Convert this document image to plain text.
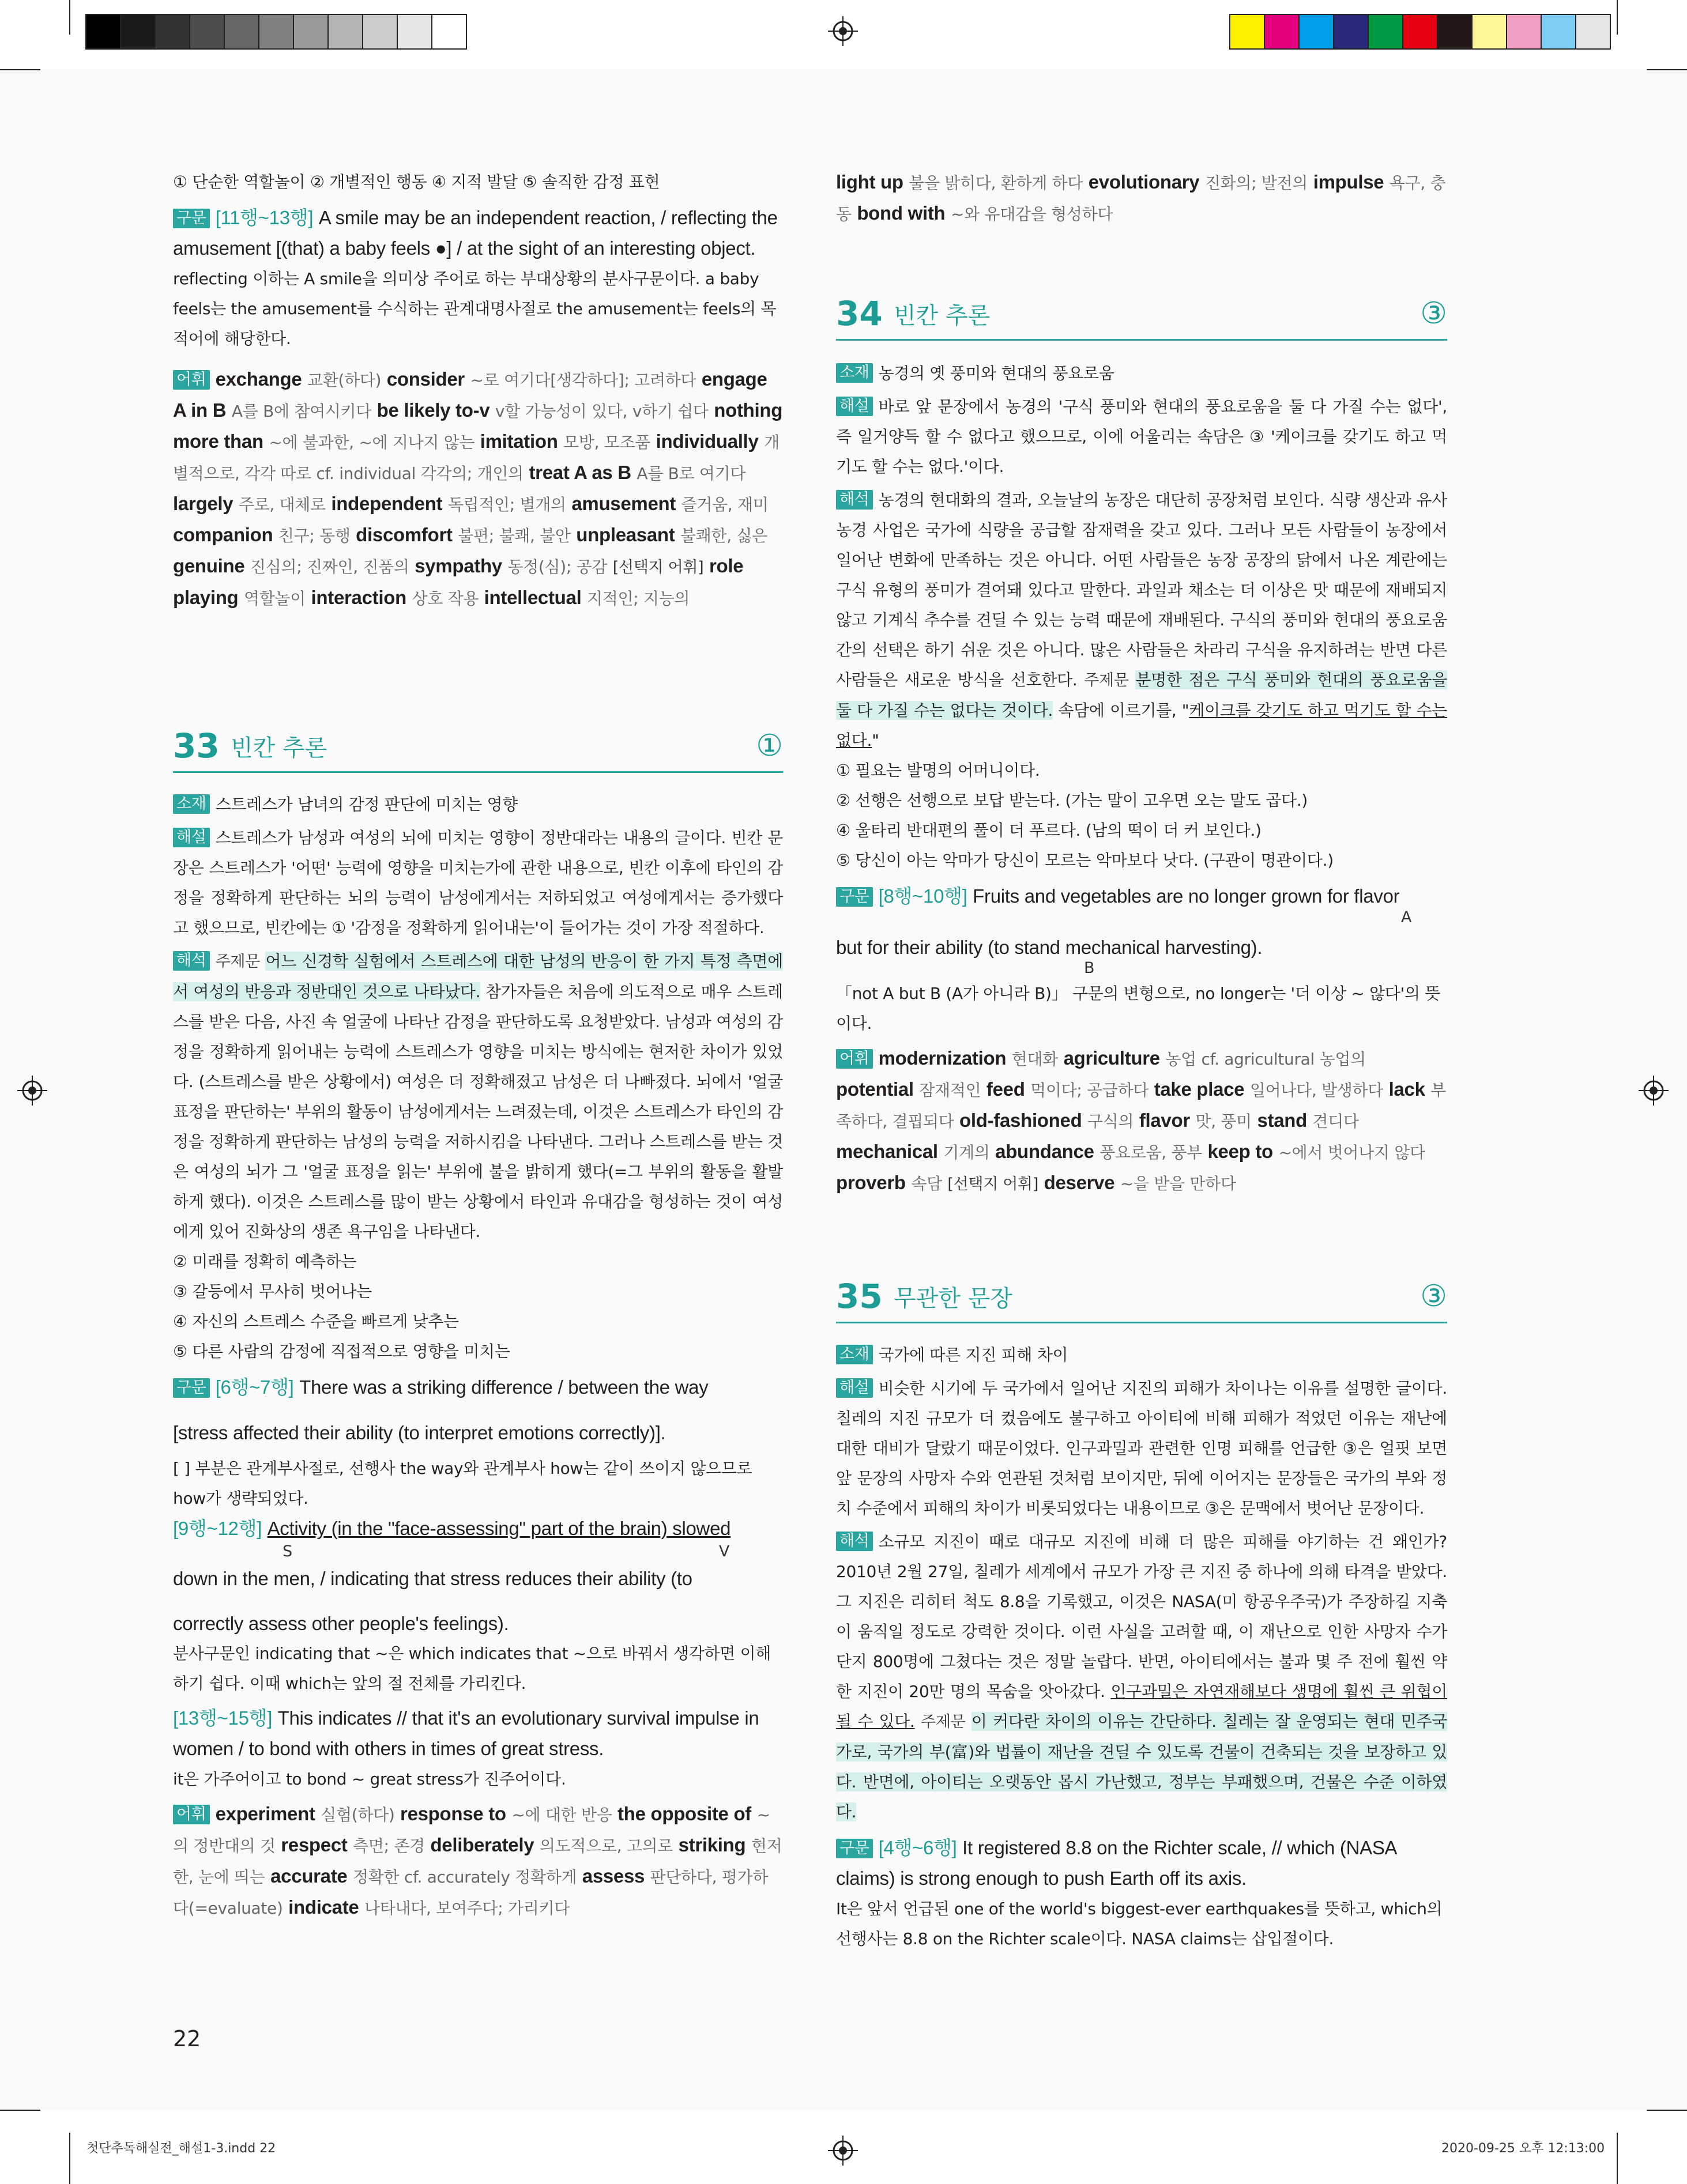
① 단순한 역할놀이 ② 개별적인 행동 ④ 지적 발달 ⑤ 솔직한 감정 표현

구문 [11행~13행] A smile may be an independent reaction, / reflecting the amusement [(that) a baby feels ●] / at the sight of an interesting object.

reflecting 이하는 A smile을 의미상 주어로 하는 부대상황의 분사구문이다. a baby feels는 the amusement를 수식하는 관계대명사절로 the amusement는 feels의 목적어에 해당한다.

어휘 exchange 교환(하다) consider ~로 여기다[생각하다]; 고려하다 engage A in B A를 B에 참여시키다 be likely to-v v할 가능성이 있다, v하기 쉽다 nothing more than ~에 불과한, ~에 지나지 않는 imitation 모방, 모조품 individually 개별적으로, 각각 따로 cf. individual 각각의; 개인의 treat A as B A를 B로 여기다 largely 주로, 대체로 independent 독립적인; 별개의 amusement 즐거움, 재미 companion 친구; 동행 discomfort 불편; 불쾌, 불안 unpleasant 불쾌한, 싫은 genuine 진심의; 진짜인, 진품의 sympathy 동정(심); 공감 [선택지 어휘] role playing 역할놀이 interaction 상호 작용 intellectual 지적인; 지능의

33 빈칸 추론	①

소재 스트레스가 남녀의 감정 판단에 미치는 영향

해설 스트레스가 남성과 여성의 뇌에 미치는 영향이 정반대라는 내용의 글이다. 빈칸 문장은 스트레스가 '어떤' 능력에 영향을 미치는가에 관한 내용으로, 빈칸 이후에 타인의 감정을 정확하게 판단하는 뇌의 능력이 남성에게서는 저하되었고 여성에게서는 증가했다고 했으므로, 빈칸에는 ① '감정을 정확하게 읽어내는'이 들어가는 것이 가장 적절하다.

해석 주제문 어느 신경학 실험에서 스트레스에 대한 남성의 반응이 한 가지 특정 측면에서 여성의 반응과 정반대인 것으로 나타났다. 참가자들은 처음에 의도적으로 매우 스트레스를 받은 다음, 사진 속 얼굴에 나타난 감정을 판단하도록 요청받았다. 남성과 여성의 감정을 정확하게 읽어내는 능력에 스트레스가 영향을 미치는 방식에는 현저한 차이가 있었다. (스트레스를 받은 상황에서) 여성은 더 정확해졌고 남성은 더 나빠졌다. 뇌에서 '얼굴표정을 판단하는' 부위의 활동이 남성에게서는 느려졌는데, 이것은 스트레스가 타인의 감정을 정확하게 판단하는 남성의 능력을 저하시킴을 나타낸다. 그러나 스트레스를 받는 것은 여성의 뇌가 그 '얼굴 표정을 읽는' 부위에 불을 밝히게 했다(=그 부위의 활동을 활발하게 했다). 이것은 스트레스를 많이 받는 상황에서 타인과 유대감을 형성하는 것이 여성에게 있어 진화상의 생존 욕구임을 나타낸다.

② 미래를 정확히 예측하는

③ 갈등에서 무사히 벗어나는

④ 자신의 스트레스 수준을 빠르게 낮추는

⑤ 다른 사람의 감정에 직접적으로 영향을 미치는

구문 [6행~7행] There was a striking difference / between the way

[stress affected their ability (to interpret emotions correctly)].

[ ] 부분은 관계부사절로, 선행사 the way와 관계부사 how는 같이 쓰이지 않으므로 how가 생략되었다.

[9행~12행] Activity (in the "face-assessing" part of the brain) slowed

S	V

down in the men, / indicating that stress reduces their ability (to

correctly assess other people's feelings).

분사구문인 indicating that ~은 which indicates that ~으로 바꿔서 생각하면 이해하기 쉽다. 이때 which는 앞의 절 전체를 가리킨다.

[13행~15행] This indicates // that it's an evolutionary survival impulse in women / to bond with others in times of great stress.

it은 가주어이고 to bond ~ great stress가 진주어이다.

어휘 experiment 실험(하다) response to ~에 대한 반응 the opposite of ~의 정반대의 것 respect 측면; 존경 deliberately 의도적으로, 고의로 striking 현저한, 눈에 띄는 accurate 정확한 cf. accurately 정확하게 assess 판단하다, 평가하다(=evaluate) indicate 나타내다, 보여주다; 가리키다

light up 불을 밝히다, 환하게 하다 evolutionary 진화의; 발전의 impulse 욕구, 충동 bond with ~와 유대감을 형성하다

34 빈칸 추론	③

소재 농경의 옛 풍미와 현대의 풍요로움

해설 바로 앞 문장에서 농경의 '구식 풍미와 현대의 풍요로움을 둘 다 가질 수는 없다', 즉 일거양득 할 수 없다고 했으므로, 이에 어울리는 속담은 ③ '케이크를 갖기도 하고 먹기도 할 수는 없다.'이다.

해석 농경의 현대화의 결과, 오늘날의 농장은 대단히 공장처럼 보인다. 식량 생산과 유사 농경 사업은 국가에 식량을 공급할 잠재력을 갖고 있다. 그러나 모든 사람들이 농장에서 일어난 변화에 만족하는 것은 아니다. 어떤 사람들은 농장 공장의 닭에서 나온 계란에는 구식 유형의 풍미가 결여돼 있다고 말한다. 과일과 채소는 더 이상은 맛 때문에 재배되지 않고 기계식 추수를 견딜 수 있는 능력 때문에 재배된다. 구식의 풍미와 현대의 풍요로움 간의 선택은 하기 쉬운 것은 아니다. 많은 사람들은 차라리 구식을 유지하려는 반면 다른 사람들은 새로운 방식을 선호한다. 주제문 분명한 점은 구식 풍미와 현대의 풍요로움을 둘 다 가질 수는 없다는 것이다. 속담에 이르기를, "케이크를 갖기도 하고 먹기도 할 수는 없다."

① 필요는 발명의 어머니이다.

② 선행은 선행으로 보답 받는다. (가는 말이 고우면 오는 말도 곱다.)

④ 울타리 반대편의 풀이 더 푸르다. (남의 떡이 더 커 보인다.)

⑤ 당신이 아는 악마가 당신이 모르는 악마보다 낫다. (구관이 명관이다.)

구문 [8행~10행] Fruits and vegetables are no longer grown for flavor

A

but for their ability (to stand mechanical harvesting).

B

「not A but B (A가 아니라 B)」 구문의 변형으로, no longer는 '더 이상 ~ 않다'의 뜻이다.

어휘 modernization 현대화 agriculture 농업 cf. agricultural 농업의 potential 잠재적인 feed 먹이다; 공급하다 take place 일어나다, 발생하다 lack 부족하다, 결핍되다 old-fashioned 구식의 flavor 맛, 풍미 stand 견디다 mechanical 기계의 abundance 풍요로움, 풍부 keep to ~에서 벗어나지 않다 proverb 속담 [선택지 어휘] deserve ~을 받을 만하다

35 무관한 문장	③

소재 국가에 따른 지진 피해 차이

해설 비슷한 시기에 두 국가에서 일어난 지진의 피해가 차이나는 이유를 설명한 글이다. 칠레의 지진 규모가 더 컸음에도 불구하고 아이티에 비해 피해가 적었던 이유는 재난에 대한 대비가 달랐기 때문이었다. 인구과밀과 관련한 인명 피해를 언급한 ③은 얼핏 보면 앞 문장의 사망자 수와 연관된 것처럼 보이지만, 뒤에 이어지는 문장들은 국가의 부와 정치 수준에서 피해의 차이가 비롯되었다는 내용이므로 ③은 문맥에서 벗어난 문장이다.

해석 소규모 지진이 때로 대규모 지진에 비해 더 많은 피해를 야기하는 건 왜인가? 2010년 2월 27일, 칠레가 세계에서 규모가 가장 큰 지진 중 하나에 의해 타격을 받았다. 그 지진은 리히터 척도 8.8을 기록했고, 이것은 NASA(미 항공우주국)가 주장하길 지축이 움직일 정도로 강력한 것이다. 이런 사실을 고려할 때, 이 재난으로 인한 사망자 수가 단지 800명에 그쳤다는 것은 정말 놀랍다. 반면, 아이티에서는 불과 몇 주 전에 훨씬 약한 지진이 20만 명의 목숨을 앗아갔다. 인구과밀은 자연재해보다 생명에 훨씬 큰 위협이 될 수 있다. 주제문 이 커다란 차이의 이유는 간단하다. 칠레는 잘 운영되는 현대 민주국가로, 국가의 부(富)와 법률이 재난을 견딜 수 있도록 건물이 건축되는 것을 보장하고 있다. 반면에, 아이티는 오랫동안 몹시 가난했고, 정부는 부패했으며, 건물은 수준 이하였다.

구문 [4행~6행] It registered 8.8 on the Richter scale, // which (NASA claims) is strong enough to push Earth off its axis.

It은 앞서 언급된 one of the world's biggest-ever earthquakes를 뜻하고, which의 선행사는 8.8 on the Richter scale이다. NASA claims는 삽입절이다.

22
첫단추독해실전_해설1-3.indd 22	2020-09-25 오후 12:13:00
